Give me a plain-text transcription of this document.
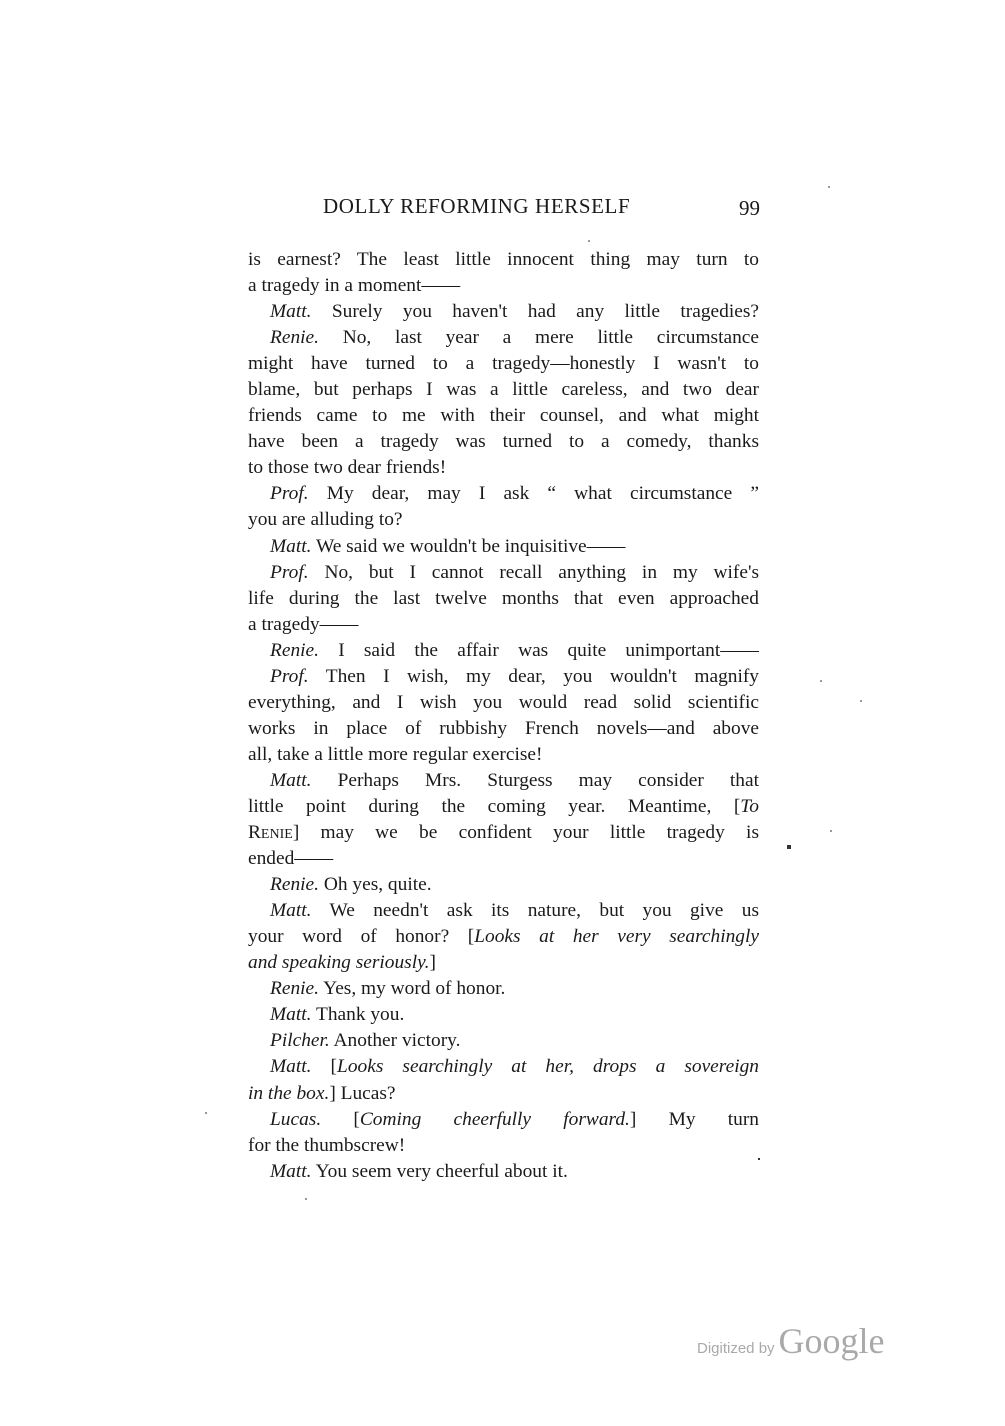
DOLLY REFORMING HERSELF	99
is earnest? The least little innocent thing may turn to
a tragedy in a moment——
Matt. Surely you haven't had any little tragedies?
Renie. No, last year a mere little circumstance
might have turned to a tragedy—honestly I wasn't to
blame, but perhaps I was a little careless, and two dear
friends came to me with their counsel, and what might
have been a tragedy was turned to a comedy, thanks
to those two dear friends!
Prof. My dear, may I ask “ what circumstance ”
you are alluding to?
Matt. We said we wouldn't be inquisitive——
Prof. No, but I cannot recall anything in my wife's
life during the last twelve months that even approached
a tragedy——
Renie. I said the affair was quite unimportant——
Prof. Then I wish, my dear, you wouldn't magnify
everything, and I wish you would read solid scientific
works in place of rubbishy French novels—and above
all, take a little more regular exercise!
Matt. Perhaps Mrs. Sturgess may consider that
little point during the coming year. Meantime, [To
Renie] may we be confident your little tragedy is
ended——
Renie. Oh yes, quite.
Matt. We needn't ask its nature, but you give us
your word of honor? [Looks at her very searchingly
and speaking seriously.]
Renie. Yes, my word of honor.
Matt. Thank you.
Pilcher. Another victory.
Matt. [Looks searchingly at her, drops a sovereign
in the box.] Lucas?
Lucas. [Coming cheerfully forward.] My turn
for the thumbscrew!
Matt. You seem very cheerful about it.
Digitized by Google
